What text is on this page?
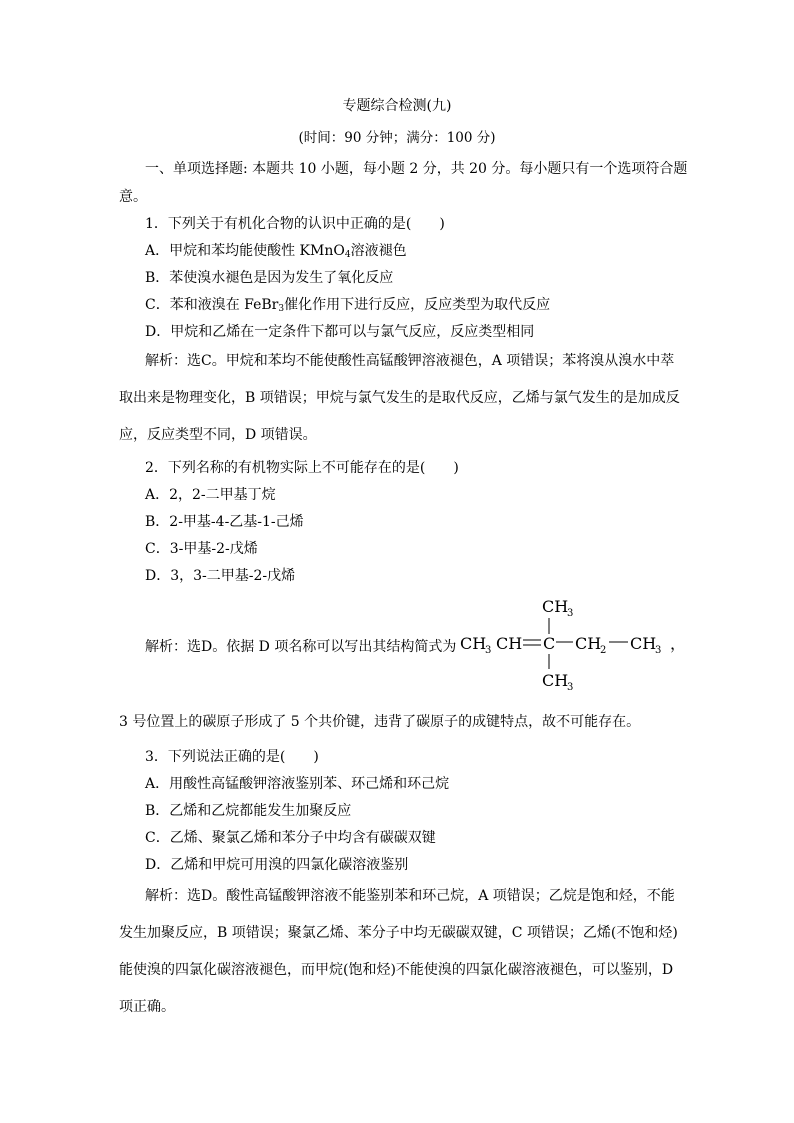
专题综合检测(九)
(时间：90 分钟；满分：100 分)
一、单项选择题: 本题共 10 小题，每小题 2 分，共 20 分。每小题只有一个选项符合题
意。
1．下列关于有机化合物的认识中正确的是(　　)
A．甲烷和苯均能使酸性 KMnO$_4$溶液褪色
B．苯使溴水褪色是因为发生了氧化反应
C．苯和液溴在 FeBr$_3$催化作用下进行反应，反应类型为取代反应
D．甲烷和乙烯在一定条件下都可以与氯气反应，反应类型相同
解析：选C。甲烷和苯均不能使酸性高锰酸钾溶液褪色，A 项错误；苯将溴从溴水中萃
取出来是物理变化，B 项错误；甲烷与氯气发生的是取代反应，乙烯与氯气发生的是加成反
应，反应类型不同，D 项错误。
2．下列名称的有机物实际上不可能存在的是(　　)
A．2，2-二甲基丁烷
B．2-甲基-4-乙基-1-己烯
C．3-甲基-2-戊烯
D．3，3-二甲基-2-戊烯
解析：选D。依据 D 项名称可以写出其结构简式为
CH
3
CH
3 CH C CH
2 CH
3 ，
CH
3
3 号位置上的碳原子形成了 5 个共价键，违背了碳原子的成键特点，故不可能存在。
3．下列说法正确的是(　　)
A．用酸性高锰酸钾溶液鉴别苯、环己烯和环己烷
B．乙烯和乙烷都能发生加聚反应
C．乙烯、聚氯乙烯和苯分子中均含有碳碳双键
D．乙烯和甲烷可用溴的四氯化碳溶液鉴别
解析：选D。酸性高锰酸钾溶液不能鉴别苯和环己烷，A 项错误；乙烷是饱和烃，不能
发生加聚反应，B 项错误；聚氯乙烯、苯分子中均无碳碳双键，C 项错误；乙烯(不饱和烃)
能使溴的四氯化碳溶液褪色，而甲烷(饱和烃)不能使溴的四氯化碳溶液褪色，可以鉴别，D
项正确。
